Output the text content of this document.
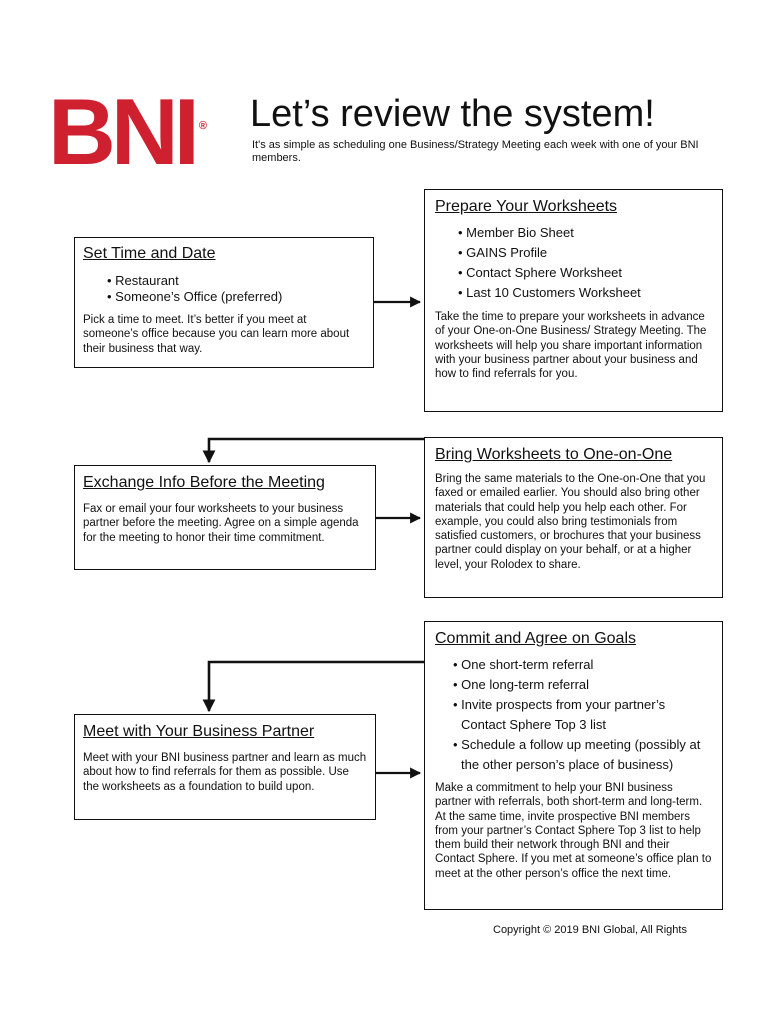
BNI ® Let’s review the system!
It's as simple as scheduling one Business/Strategy Meeting each week with one of your BNI members.
Set Time and Date
• Restaurant
• Someone’s Office (preferred)

Pick a time to meet. It’s better if you meet at someone’s office because you can learn more about their business that way.

Prepare Your Worksheets
• Member Bio Sheet
• GAINS Profile
• Contact Sphere Worksheet
• Last 10 Customers Worksheet

Take the time to prepare your worksheets in advance of your One-on-One Business/ Strategy Meeting. The worksheets will help you share important information with your business partner about your business and how to find referrals for you.

Exchange Info Before the Meeting

Fax or email your four worksheets to your business partner before the meeting. Agree on a simple agenda for the meeting to honor their time commitment.

Bring Worksheets to One-on-One

Bring the same materials to the One-on-One that you faxed or emailed earlier. You should also bring other materials that could help you help each other. For example, you could also bring testimonials from satisfied customers, or brochures that your business partner could display on your behalf, or at a higher level, your Rolodex to share.

Meet with Your Business Partner

Meet with your BNI business partner and learn as much about how to find referrals for them as possible. Use the worksheets as a foundation to build upon.

Commit and Agree on Goals
• One short-term referral
• One long-term referral
• Invite prospects from your partner’s Contact Sphere Top 3 list
• Schedule a follow up meeting (possibly at the other person’s place of business)

Make a commitment to help your BNI business partner with referrals, both short-term and long-term. At the same time, invite prospective BNI members from your partner’s Contact Sphere Top 3 list to help them build their network through BNI and their Contact Sphere. If you met at someone’s office plan to meet at the other person’s office the next time.

Copyright © 2019 BNI Global, All Rights
